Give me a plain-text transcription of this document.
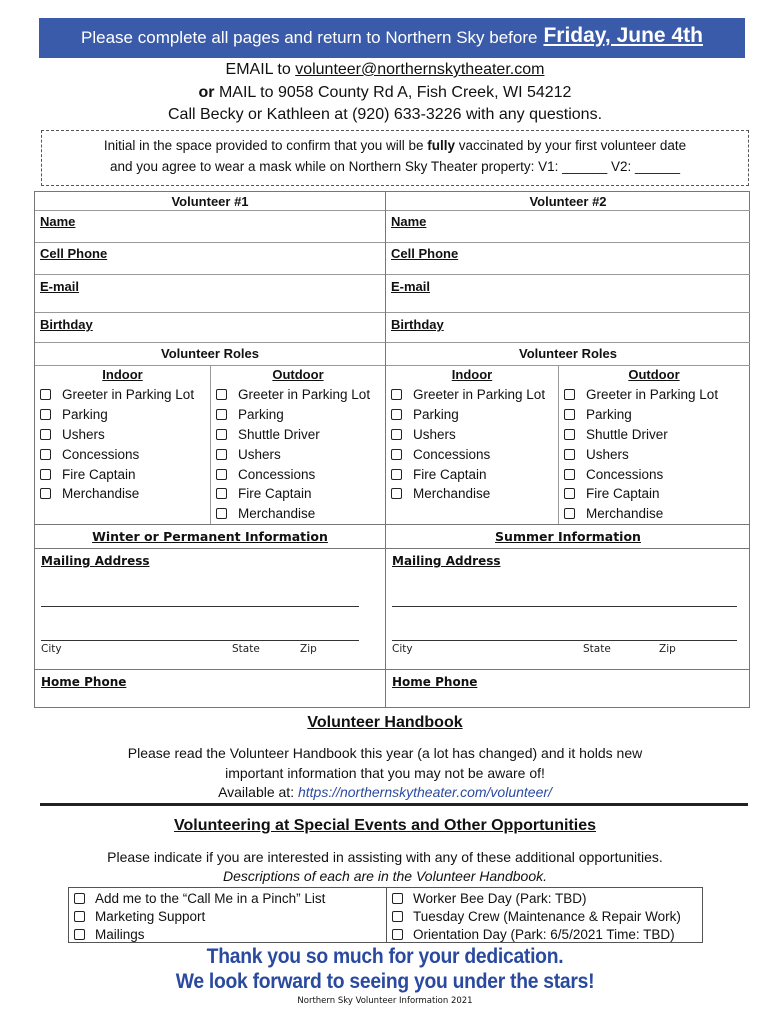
Please complete all pages and return to Northern Sky before Friday, June 4th
EMAIL to volunteer@northernskytheater.com
or MAIL to 9058 County Rd A, Fish Creek, WI 54212
Call Becky or Kathleen at (920) 633-3226 with any questions.
Initial in the space provided to confirm that you will be fully vaccinated by your first volunteer date
and you agree to wear a mask while on Northern Sky Theater property: V1: ______ V2: ______
Volunteer #1
Name
Cell Phone
E-mail
Birthday
Volunteer Roles
Indoor	Outdoor
Greeter in Parking Lot
Parking
Ushers
Concessions
Fire Captain
Merchandise
Greeter in Parking Lot
Parking
Shuttle Driver
Ushers
Concessions
Fire Captain
Merchandise
Winter or Permanent Information
Mailing Address
City	State	Zip
Home Phone
Volunteer #2
Name
Cell Phone
E-mail
Birthday
Volunteer Roles
Indoor	Outdoor
Greeter in Parking Lot
Parking
Ushers
Concessions
Fire Captain
Merchandise
Greeter in Parking Lot
Parking
Shuttle Driver
Ushers
Concessions
Fire Captain
Merchandise
Summer Information
Mailing Address
City	State	Zip
Home Phone
Volunteer Handbook
Please read the Volunteer Handbook this year (a lot has changed) and it holds new
important information that you may not be aware of!
Available at: https://northernskytheater.com/volunteer/
Volunteering at Special Events and Other Opportunities
Please indicate if you are interested in assisting with any of these additional opportunities.
Descriptions of each are in the Volunteer Handbook.
Add me to the “Call Me in a Pinch” List
Marketing Support
Mailings
Worker Bee Day (Park: TBD)
Tuesday Crew (Maintenance & Repair Work)
Orientation Day (Park: 6/5/2021 Time: TBD)
Thank you so much for your dedication.
We look forward to seeing you under the stars!
Northern Sky Volunteer Information 2021
